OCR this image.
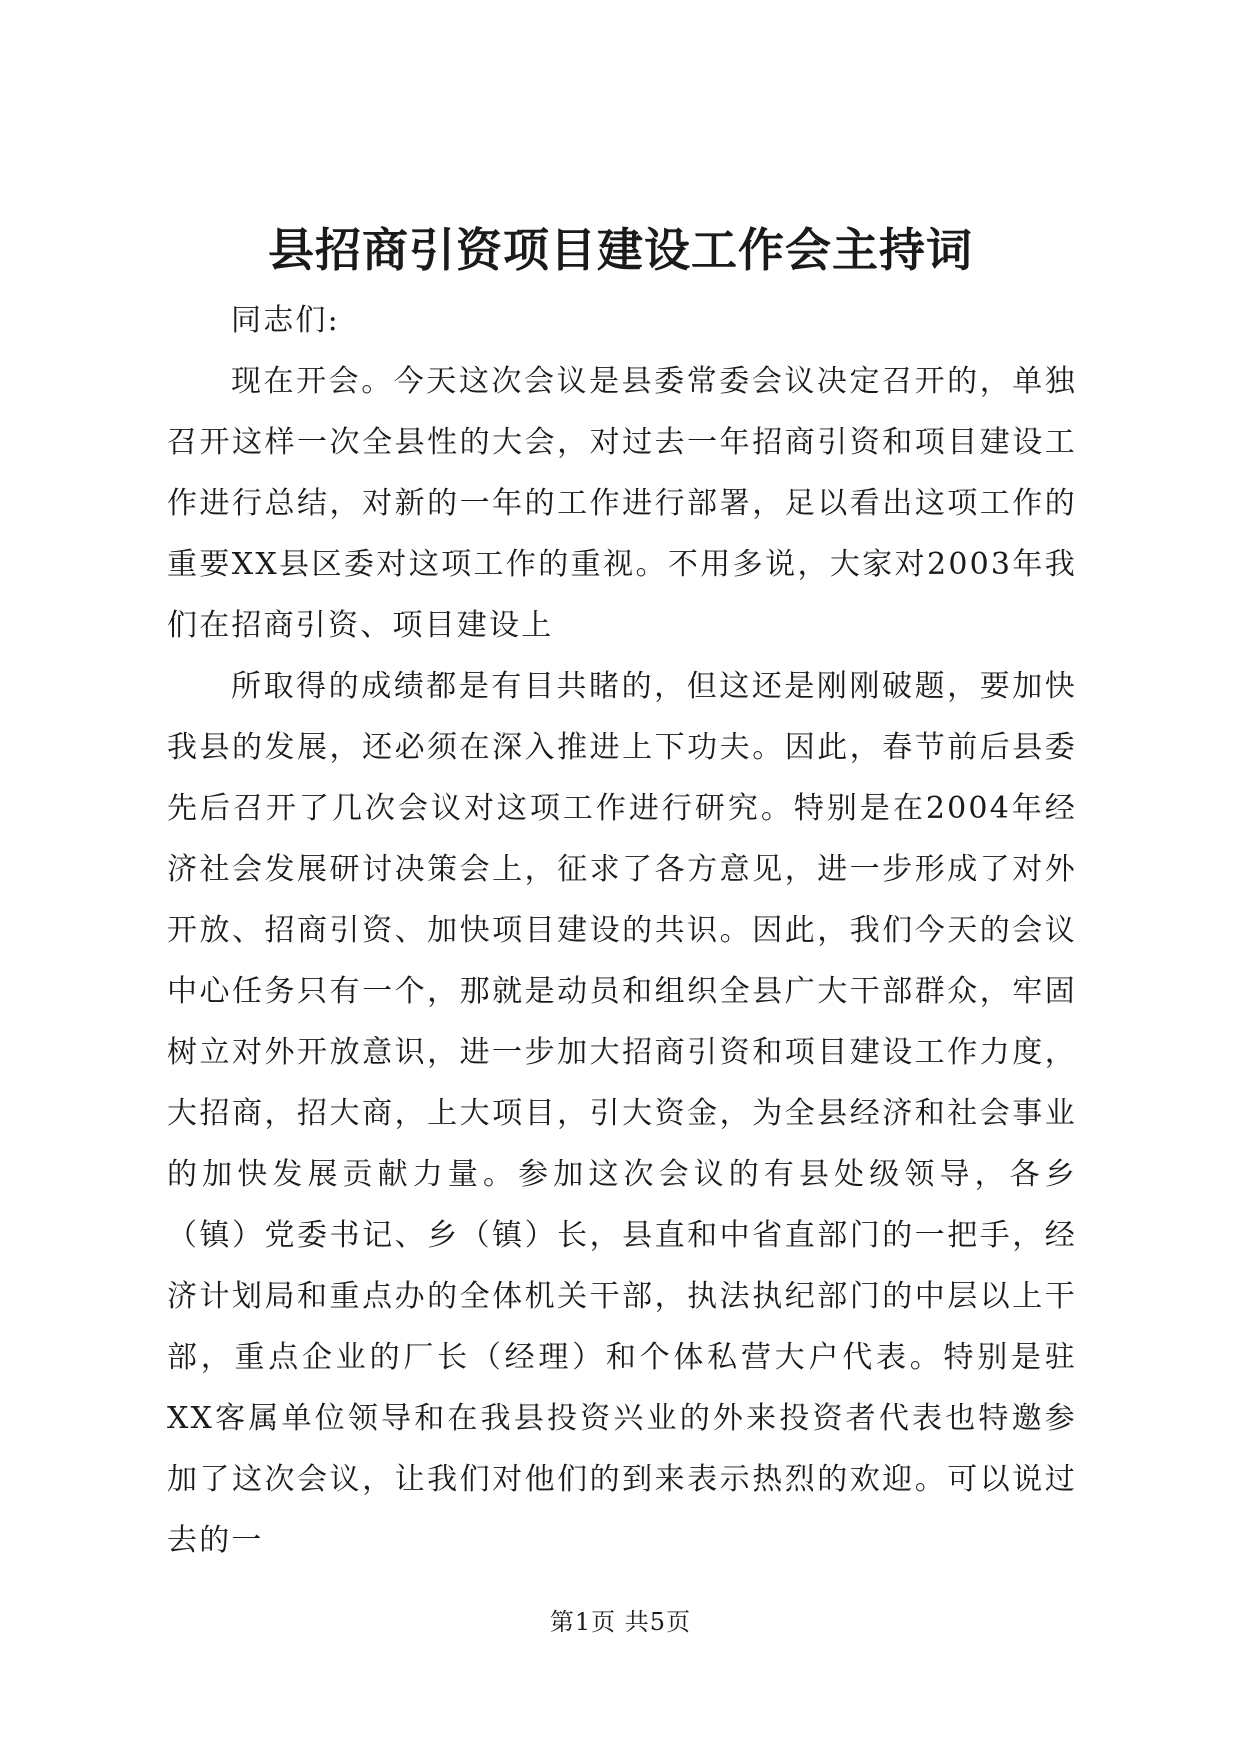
县招商引资项目建设工作会主持词

同志们:

现在开会。今天这次会议是县委常委会议决定召开的，单独召开这样一次全县性的大会，对过去一年招商引资和项目建设工作进行总结，对新的一年的工作进行部署，足以看出这项工作的重要XX县区委对这项工作的重视。不用多说，大家对2003年我们在招商引资、项目建设上

所取得的成绩都是有目共睹的，但这还是刚刚破题，要加快我县的发展，还必须在深入推进上下功夫。因此，春节前后县委先后召开了几次会议对这项工作进行研究。特别是在2004年经济社会发展研讨决策会上，征求了各方意见，进一步形成了对外开放、招商引资、加快项目建设的共识。因此，我们今天的会议中心任务只有一个，那就是动员和组织全县广大干部群众，牢固树立对外开放意识，进一步加大招商引资和项目建设工作力度，大招商，招大商，上大项目，引大资金，为全县经济和社会事业的加快发展贡献力量。参加这次会议的有县处级领导，各乡（镇）党委书记、乡（镇）长，县直和中省直部门的一把手，经济计划局和重点办的全体机关干部，执法执纪部门的中层以上干部，重点企业的厂长（经理）和个体私营大户代表。特别是驻XX客属单位领导和在我县投资兴业的外来投资者代表也特邀参加了这次会议，让我们对他们的到来表示热烈的欢迎。可以说过去的一

第1页 共5页
